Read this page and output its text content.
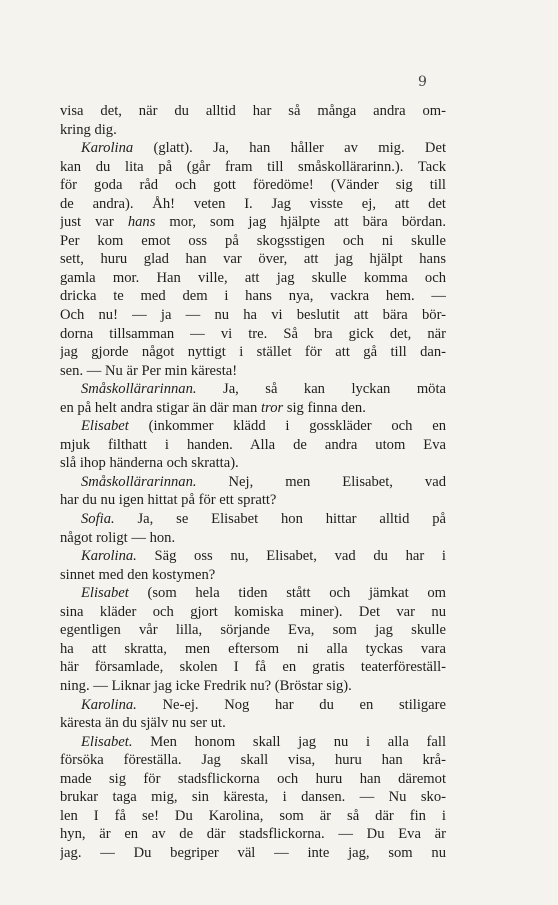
9
visa det, när du alltid har så många andra om-
kring dig.
Karolina (glatt). Ja, han håller av mig. Det
kan du lita på (går fram till småskollärarinn.). Tack
för goda råd och gott föredöme! (Vänder sig till
de andra). Åh! veten I. Jag visste ej, att det
just var hans mor, som jag hjälpte att bära bördan.
Per kom emot oss på skogsstigen och ni skulle
sett, huru glad han var över, att jag hjälpt hans
gamla mor. Han ville, att jag skulle komma och
dricka te med dem i hans nya, vackra hem. —
Och nu! — ja — nu ha vi beslutit att bära bör-
dorna tillsamman — vi tre. Så bra gick det, när
jag gjorde något nyttigt i stället för att gå till dan-
sen. — Nu är Per min käresta!
Småskollärarinnan. Ja, så kan lyckan möta
en på helt andra stigar än där man tror sig finna den.
Elisabet (inkommer klädd i gosskläder och en
mjuk filthatt i handen. Alla de andra utom Eva
slå ihop händerna och skratta).
Småskollärarinnan. Nej, men Elisabet, vad
har du nu igen hittat på för ett spratt?
Sofia. Ja, se Elisabet hon hittar alltid på
något roligt — hon.
Karolina. Säg oss nu, Elisabet, vad du har i
sinnet med den kostymen?
Elisabet (som hela tiden stått och jämkat om
sina kläder och gjort komiska miner). Det var nu
egentligen vår lilla, sörjande Eva, som jag skulle
ha att skratta, men eftersom ni alla tyckas vara
här församlade, skolen I få en gratis teaterföreställ-
ning. — Liknar jag icke Fredrik nu? (Bröstar sig).
Karolina. Ne-ej. Nog har du en stiligare
käresta än du själv nu ser ut.
Elisabet. Men honom skall jag nu i alla fall
försöka föreställa. Jag skall visa, huru han krå-
made sig för stadsflickorna och huru han däremot
brukar taga mig, sin käresta, i dansen. — Nu sko-
len I få se! Du Karolina, som är så där fin i
hyn, är en av de där stadsflickorna. — Du Eva är
jag. — Du begriper väl — inte jag, som nu
